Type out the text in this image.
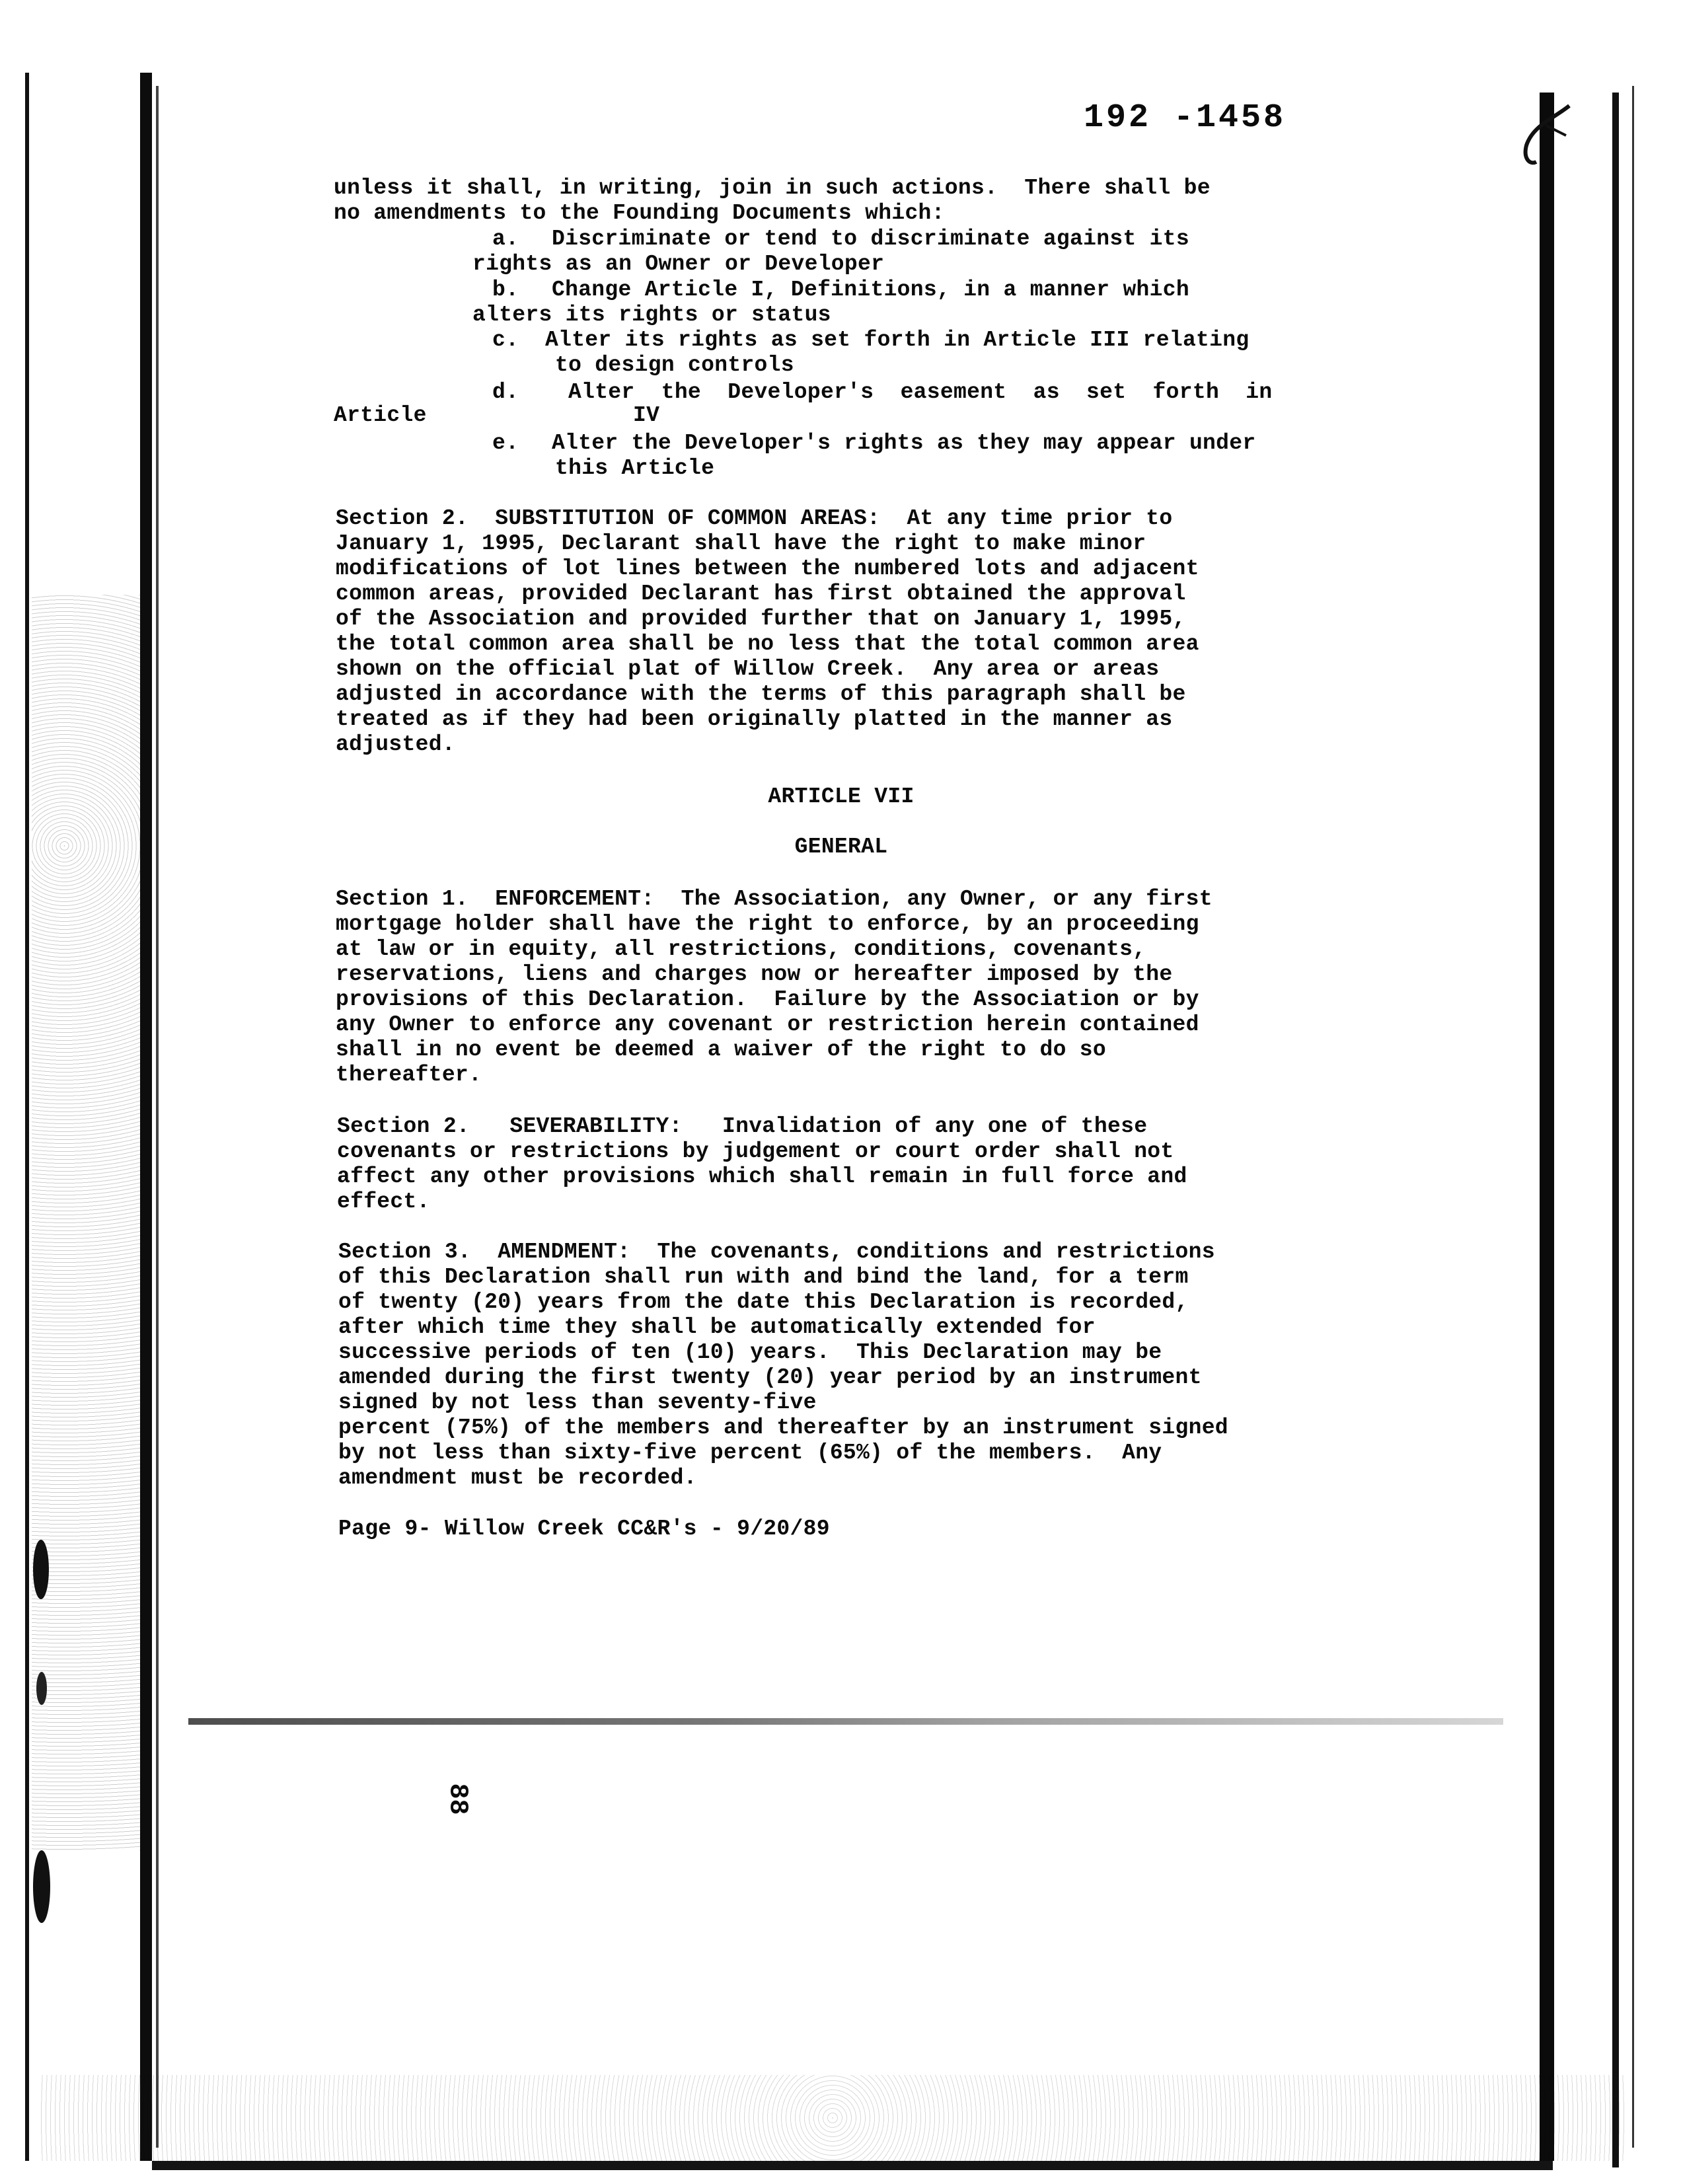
192 -1458
unless it shall, in writing, join in such actions.  There shall be
no amendments to the Founding Documents which:
a. Discriminate or tend to discriminate against its
rights as an Owner or Developer
b. Change Article I, Definitions, in a manner which
alters its rights or status
c. Alter its rights as set forth in Article III relating
to design controls
d. Alter  the  Developer's  easement  as  set  forth  in
Article	IV
e. Alter the Developer's rights as they may appear under
this Article
Section 2.  SUBSTITUTION OF COMMON AREAS:  At any time prior to
January 1, 1995, Declarant shall have the right to make minor
modifications of lot lines between the numbered lots and adjacent
common areas, provided Declarant has first obtained the approval
of the Association and provided further that on January 1, 1995,
the total common area shall be no less that the total common area
shown on the official plat of Willow Creek.  Any area or areas
adjusted in accordance with the terms of this paragraph shall be
treated as if they had been originally platted in the manner as
adjusted.
ARTICLE VII
GENERAL
Section 1.  ENFORCEMENT:  The Association, any Owner, or any first
mortgage holder shall have the right to enforce, by an proceeding
at law or in equity, all restrictions, conditions, covenants,
reservations, liens and charges now or hereafter imposed by the
provisions of this Declaration.  Failure by the Association or by
any Owner to enforce any covenant or restriction herein contained
shall in no event be deemed a waiver of the right to do so
thereafter.
Section 2.   SEVERABILITY:   Invalidation of any one of these
covenants or restrictions by judgement or court order shall not
affect any other provisions which shall remain in full force and
effect.
Section 3.  AMENDMENT:  The covenants, conditions and restrictions
of this Declaration shall run with and bind the land, for a term
of twenty (20) years from the date this Declaration is recorded,
after which time they shall be automatically extended for
successive periods of ten (10) years.  This Declaration may be
amended during the first twenty (20) year period by an instrument
signed by not less than seventy-five
percent (75%) of the members and thereafter by an instrument signed
by not less than sixty-five percent (65%) of the members.  Any
amendment must be recorded.
Page 9- Willow Creek CC&R's - 9/20/89
88
